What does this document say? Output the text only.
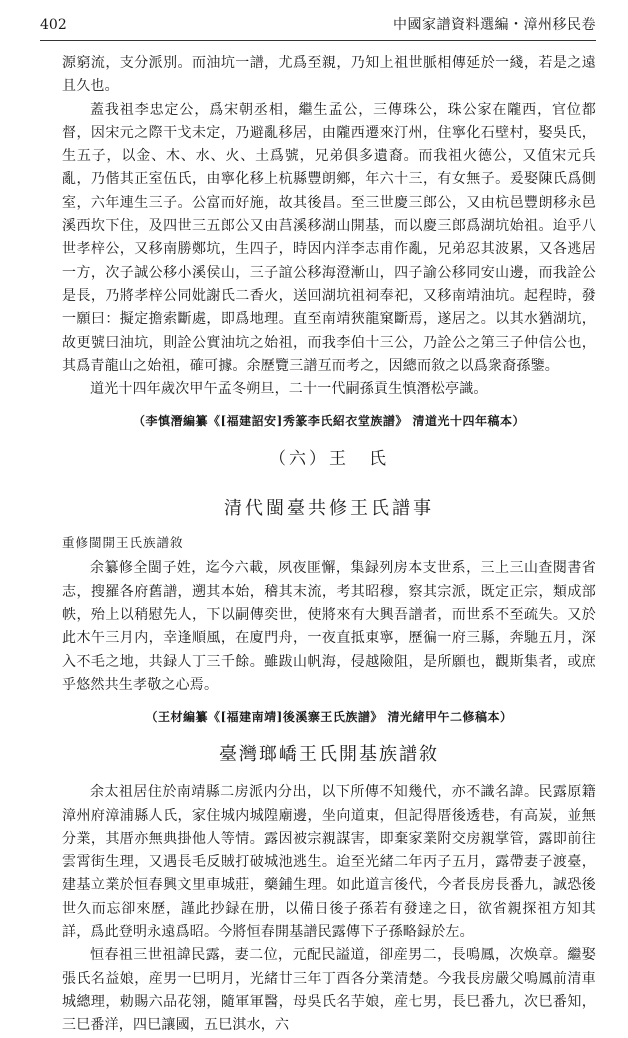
402	中國家譜資料選編・漳州移民卷

源窮流，支分派別。而油坑一譜，尤爲至親，乃知上祖世脈相傳延於一綫，若是之遠且久也。

蓋我祖李忠定公，爲宋朝丞相，繼生孟公，三傳珠公，珠公家在隴西，官位都督，因宋元之際干戈未定，乃避亂移居，由隴西遷來汀州，住寧化石壁村，娶吳氏，生五子，以金、木、水、火、土爲號，兄弟俱多遺裔。而我祖火德公，又值宋元兵亂，乃偕其正室伍氏，由寧化移上杭縣豐朗鄉，年六十三，有女無子。爰娶陳氏爲側室，六年連生三子。公富而好施，故其後昌。至三世慶三郎公，又由杭邑豐朗移永邑溪西坎下住，及四世三五郎公又由莒溪移湖山開基，而以慶三郎爲湖坑始祖。迨乎八世孝梓公，又移南勝鄭坑，生四子，時因内洋李志甫作亂，兄弟忍其波累，又各逃居一方，次子誠公移小溪侯山，三子誼公移海澄漸山，四子諭公移同安山邊，而我詮公是長，乃將孝梓公同妣謝氏二香火，送回湖坑祖祠奉祀，又移南靖油坑。起程時，發一願曰：擬定擔索斷處，即爲地理。直至南靖狹龍窠斷焉，遂居之。以其水猶湖坑，故更號曰油坑，則詮公實油坑之始祖，而我李伯十三公，乃詮公之第三子仲信公也，其爲青龍山之始祖，確可據。余歷覽三譜互而考之，因總而敘之以爲衆裔孫鑒。

道光十四年歲次甲午孟冬朔旦，二十一代嗣孫貢生慎潛松亭識。

（李慎潛編纂《[福建詔安]秀篆李氏紹衣堂族譜》 清道光十四年稿本）

（六）王　氏
清代閩臺共修王氏譜事
重修閩開王氏族譜敘

余纂修全閩子姓，迄今六載，夙夜匪懈，集録列房本支世系，三上三山查閱書省志，搜羅各府舊譜，遡其本始，稽其末流，考其昭穆，察其宗派，既定正宗，類成部帙，殆上以稍慰先人，下以嗣傳奕世，使將來有大興吾譜者，而世系不至疏失。又於此木午三月内，幸逢順風，在廈門舟，一夜直抵東寧，歷徧一府三縣，奔馳五月，深入不毛之地，共録人丁三千餘。雖跋山帆海，侵越險阻，是所願也，觀斯集者，或庶乎悠然共生孝敬之心焉。

（王材編纂《[福建南靖]後溪寨王氏族譜》 清光緒甲午二修稿本）

臺灣瑯嶠王氏開基族譜敘

余太祖居住於南靖縣二房派内分出，以下所傳不知幾代，亦不識名諱。民露原籍漳州府漳浦縣人氏，家住城内城隍廟邊，坐向道東，但記得厝後透巷，有高炭，並無分業，其厝亦無典掛他人等情。露因被宗親謀害，即棄家業附交房親掌管，露即前往雲霄街生理，又遇長毛反賊打破城池逃生。迨至光緒二年丙子五月，露帶妻子渡臺，建基立業於恒春興文里車城莊，藥鋪生理。如此道言後代，今者長房長番九，誠恐後世久而忘卻來歷，謹此抄録在册，以備日後子孫若有發達之日，欲省親探祖方知其詳，爲此登明永遠爲昭。今將恒春開基譜民露傳下子孫略録於左。

恒春祖三世祖諱民露，妻二位，元配民謚道，卻産男二，長鳴鳳，次焕章。繼娶張氏名益娘，産男一巳明月，光緒廿三年丁酉各分業清楚。今我長房嚴父鳴鳳前清車城總理，勅賜六品花翎，隨軍軍醫，母吳氏名芋娘，産七男，長巳番九，次巳番知，三巳番洋，四巳讓國，五巳淇水，六
